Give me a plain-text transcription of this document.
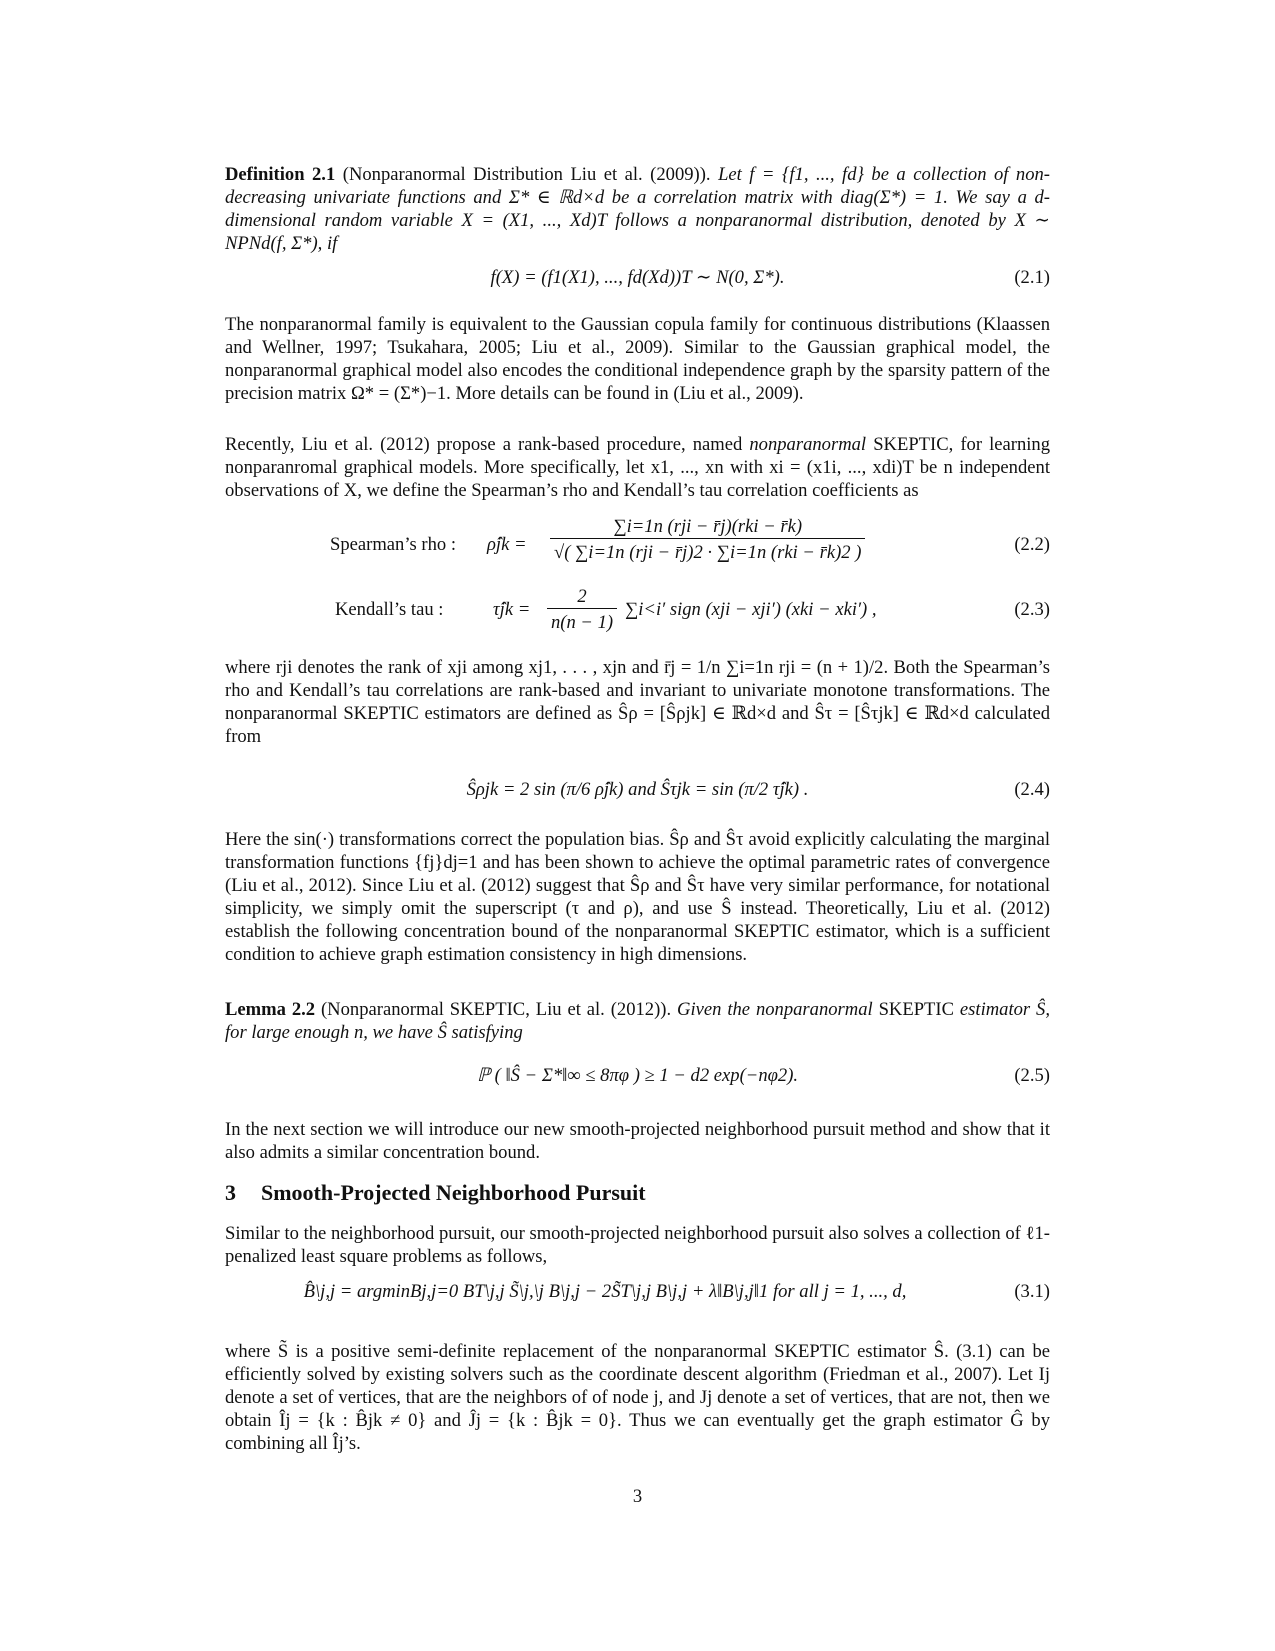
Definition 2.1 (Nonparanormal Distribution Liu et al. (2009)). Let f = {f1, ..., fd} be a collection of non-decreasing univariate functions and Σ* ∈ ℝd×d be a correlation matrix with diag(Σ*) = 1. We say a d-dimensional random variable X = (X1, ..., Xd)T follows a nonparanormal distribution, denoted by X ∼ NPNd(f, Σ*), if

f(X) = (f1(X1), ..., fd(Xd))T ∼ N(0, Σ*).	(2.1)

The nonparanormal family is equivalent to the Gaussian copula family for continuous distributions (Klaassen and Wellner, 1997; Tsukahara, 2005; Liu et al., 2009). Similar to the Gaussian graphical model, the nonparanormal graphical model also encodes the conditional independence graph by the sparsity pattern of the precision matrix Ω* = (Σ*)−1. More details can be found in (Liu et al., 2009).

Recently, Liu et al. (2012) propose a rank-based procedure, named nonparanormal SKEPTIC, for learning nonparanromal graphical models. More specifically, let x1, ..., xn with xi = (x1i, ..., xdi)T be n independent observations of X, we define the Spearman’s rho and Kendall’s tau correlation coefficients as

Spearman’s rho : ρ̂jk =
∑i=1n (rji − r̄j)(rki − r̄k)
√( ∑i=1n (rji − r̄j)2 · ∑i=1n (rki − r̄k)2 )	(2.2)
Kendall’s tau :	τ̂jk = $\frac{2}{n(n - 1)} \sum i<i'$ sign (xji − xji′) (xki − xki′) ,	(2.3)

where rji denotes the rank of xji among xj1, . . . , xjn and r̄j = 1/n ∑i=1n rji = (n + 1)/2. Both the Spearman’s rho and Kendall’s tau correlations are rank-based and invariant to univariate monotone transformations. The nonparanormal SKEPTIC estimators are defined as Ŝρ = [Ŝρjk] ∈ ℝd×d and Ŝτ = [Ŝτjk] ∈ ℝd×d calculated from

Ŝρjk = 2 sin (π/6 ρ̂jk) and Ŝτjk = sin (π/2 τ̂jk) .	(2.4)

Here the sin(·) transformations correct the population bias. Ŝρ and Ŝτ avoid explicitly calculating the marginal transformation functions {fj}dj=1 and has been shown to achieve the optimal parametric rates of convergence (Liu et al., 2012). Since Liu et al. (2012) suggest that Ŝρ and Ŝτ have very similar performance, for notational simplicity, we simply omit the superscript (τ and ρ), and use Ŝ instead. Theoretically, Liu et al. (2012) establish the following concentration bound of the nonparanormal SKEPTIC estimator, which is a sufficient condition to achieve graph estimation consistency in high dimensions.

Lemma 2.2 (Nonparanormal SKEPTIC, Liu et al. (2012)). Given the nonparanormal SKEPTIC estimator Ŝ, for large enough n, we have Ŝ satisfying

ℙ ( ‖Ŝ − Σ*‖∞ ≤ 8πφ ) ≥ 1 − d2 exp(−nφ2).	(2.5)

In the next section we will introduce our new smooth-projected neighborhood pursuit method and show that it also admits a similar concentration bound.

3 Smooth-Projected Neighborhood Pursuit

Similar to the neighborhood pursuit, our smooth-projected neighborhood pursuit also solves a collection of ℓ1-penalized least square problems as follows,

B̂\j,j = argminBj,j=0 BT\j,j S̃\j,\j B\j,j − 2S̃T\j,j B\j,j + λ‖B\j,j‖1 for all j = 1, ..., d,	(3.1)

where S̃ is a positive semi-definite replacement of the nonparanormal SKEPTIC estimator Ŝ. (3.1) can be efficiently solved by existing solvers such as the coordinate descent algorithm (Friedman et al., 2007). Let Ij denote a set of vertices, that are the neighbors of of node j, and Jj denote a set of vertices, that are not, then we obtain Îj = {k : B̂jk ≠ 0} and Ĵj = {k : B̂jk = 0}. Thus we can eventually get the graph estimator Ĝ by combining all Îj’s.

3
